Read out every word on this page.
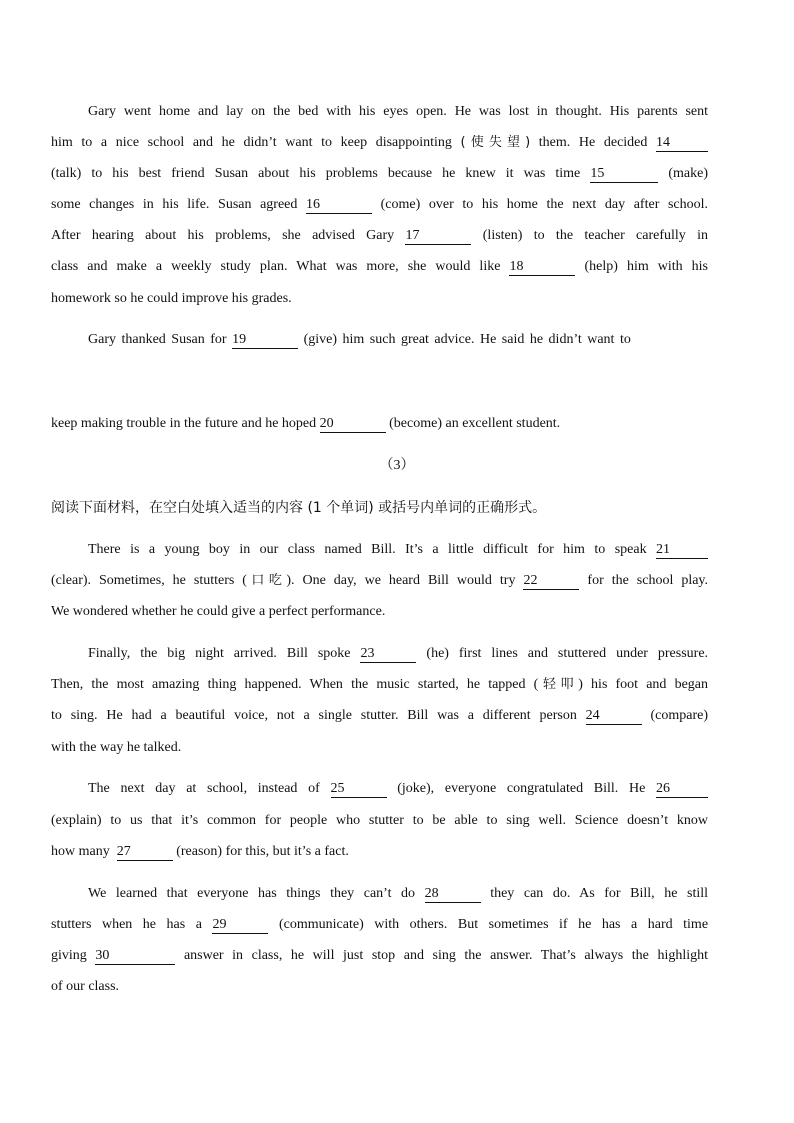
Gary went home and lay on the bed with his eyes open. He was lost in thought. His parents sent

him to a nice school and he didn’t want to keep disappointing (使失望) them. He decided 14

(talk) to his best friend Susan about his problems because he knew it was time 15	(make)

some changes in his life. Susan agreed 16	(come) over to his home the next day after school.

After hearing about his problems, she advised Gary 17	(listen) to the teacher carefully in

class and make a weekly study plan. What was more, she would like 18	(help) him with his

homework so he could improve his grades.

Gary thanked Susan for 19	(give) him such great advice. He said he didn’t want to

keep making trouble in the future and he hoped 20	(become) an excellent student.

（3）
阅读下面材料，在空白处填入适当的内容 (1 个单词) 或括号内单词的正确形式。

There is a young boy in our class named Bill. It’s a little difficult for him to speak 21

(clear). Sometimes, he stutters (口吃). One day, we heard Bill would try 22	for the school play.

We wondered whether he could give a perfect performance.

Finally, the big night arrived. Bill spoke 23	(he) first lines and stuttered under pressure.

Then, the most amazing thing happened. When the music started, he tapped (轻叩) his foot and began

to sing. He had a beautiful voice, not a single stutter. Bill was a different person 24	(compare)

with the way he talked.

The next day at school, instead of 25	(joke), everyone congratulated Bill. He 26

(explain) to us that it’s common for people who stutter to be able to sing well. Science doesn’t know

how many 27	(reason) for this, but it’s a fact.

We learned that everyone has things they can’t do 28	they can do. As for Bill, he still

stutters when he has a 29	(communicate) with others. But sometimes if he has a hard time

giving 30	answer in class, he will just stop and sing the answer. That’s always the highlight

of our class.
